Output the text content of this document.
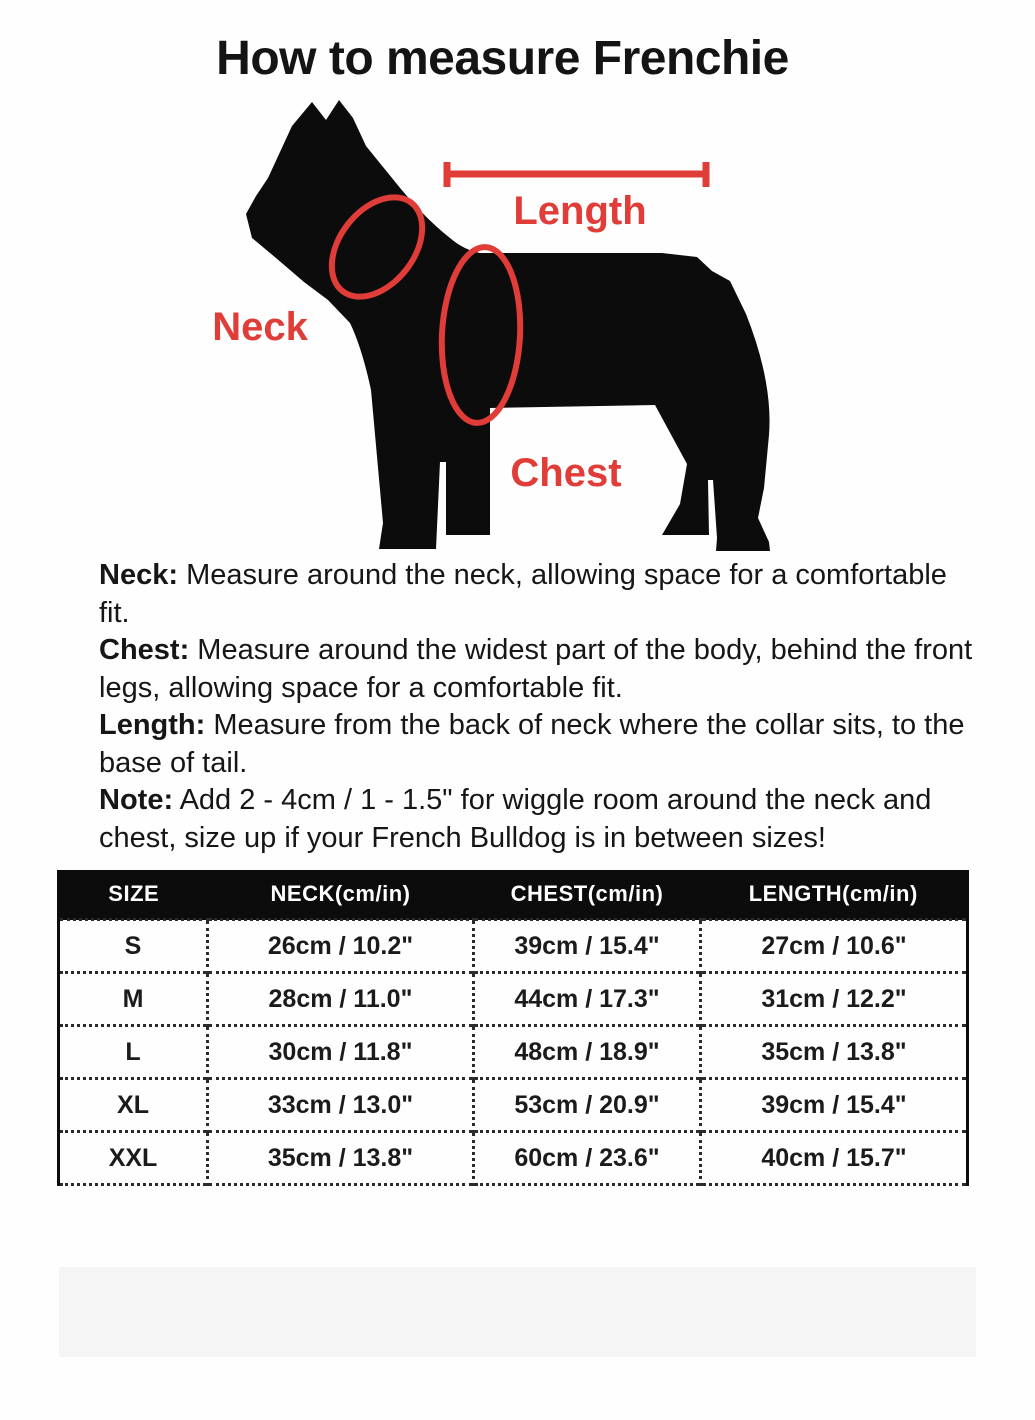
How to measure Frenchie
Length
Neck
Chest

Neck: Measure around the neck, allowing space for a comfortable fit.

Chest: Measure around the widest part of the body, behind the front legs, allowing space for a comfortable fit.

Length: Measure from the back of neck where the collar sits, to the base of tail.

Note: Add 2 - 4cm / 1 - 1.5" for wiggle room around the neck and chest, size up if your French Bulldog is in between sizes!

SIZE	NECK(cm/in)	CHEST(cm/in)	LENGTH(cm/in)
S	26cm / 10.2"	39cm / 15.4"	27cm / 10.6"
M	28cm / 11.0"	44cm / 17.3"	31cm / 12.2"
L	30cm / 11.8"	48cm / 18.9"	35cm / 13.8"
XL	33cm / 13.0"	53cm / 20.9"	39cm / 15.4"
XXL	35cm / 13.8"	60cm / 23.6"	40cm / 15.7"
